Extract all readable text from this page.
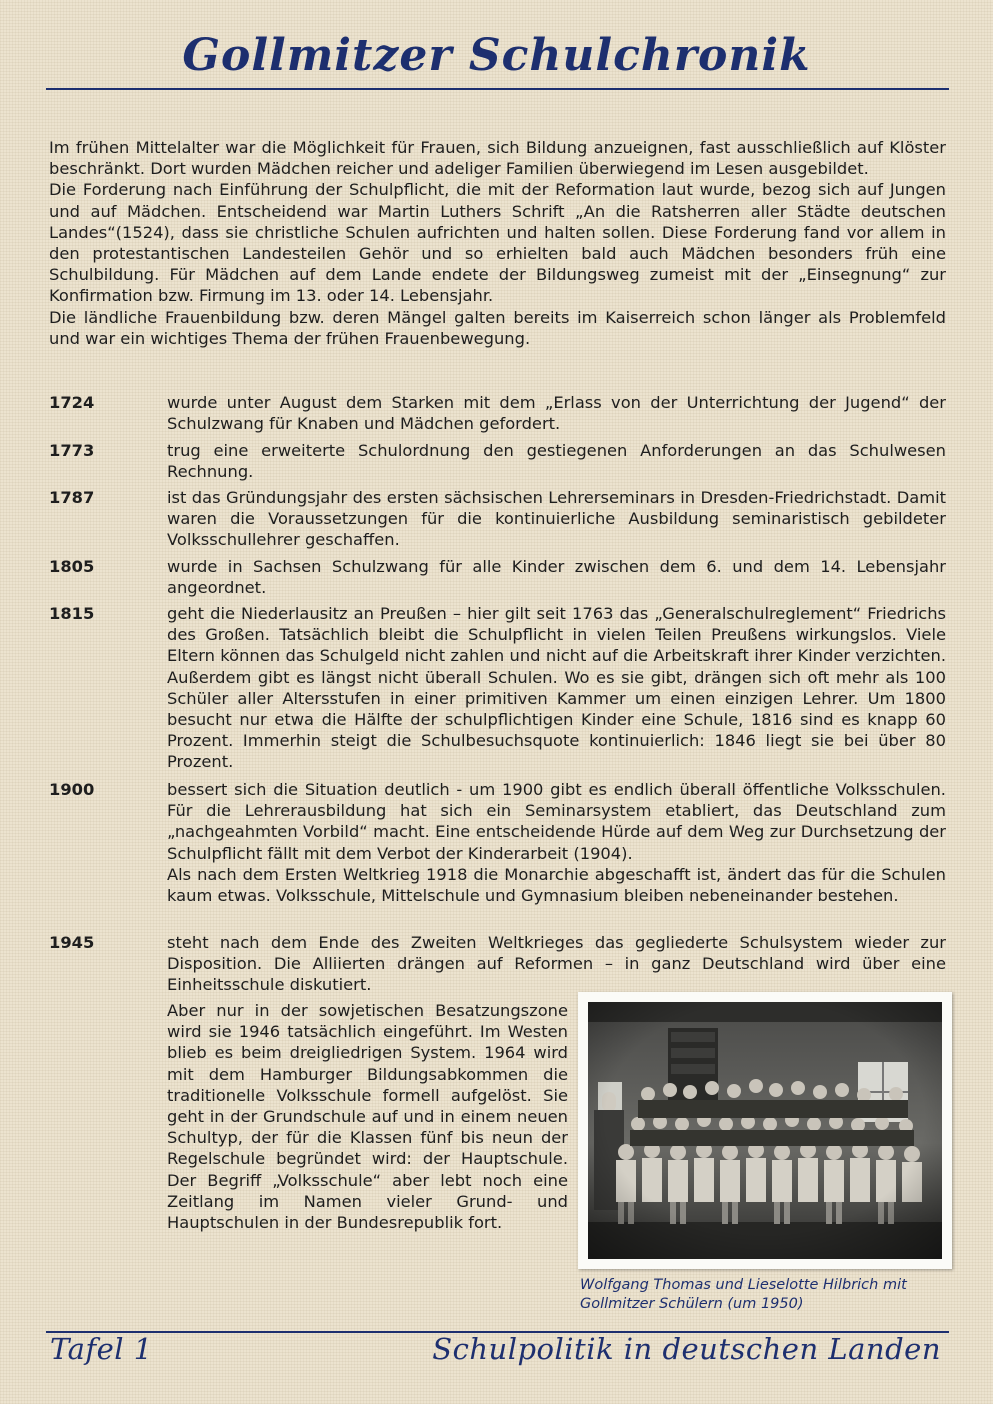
Gollmitzer Schulchronik

Im frühen Mittelalter war die Möglichkeit für Frauen, sich Bildung anzueignen, fast ausschließlich auf Klöster beschränkt. Dort wurden Mädchen reicher und adeliger Familien überwiegend im Lesen ausgebildet.

Die Forderung nach Einführung der Schulpflicht, die mit der Reformation laut wurde, bezog sich auf Jungen und auf Mädchen. Entscheidend war Martin Luthers Schrift „An die Ratsherren aller Städte deutschen Landes“(1524), dass sie christliche Schulen aufrichten und halten sollen. Diese Forderung fand vor allem in den protestantischen Landesteilen Gehör und so erhielten bald auch Mädchen besonders früh eine Schulbildung. Für Mädchen auf dem Lande endete der Bildungsweg zumeist mit der „Einsegnung“ zur Konfirmation bzw. Firmung im 13. oder 14. Lebensjahr.

Die ländliche Frauenbildung bzw. deren Mängel galten bereits im Kaiserreich schon länger als Problemfeld und war ein wichtiges Thema der frühen Frauenbewegung.

1724	wurde unter August dem Starken mit dem „Erlass von der Unterrichtung der Jugend“ der Schulzwang für Knaben und Mädchen gefordert.

1773	trug eine erweiterte Schulordnung den gestiegenen Anforderungen an das Schulwesen Rechnung.

1787	ist das Gründungsjahr des ersten sächsischen Lehrerseminars in Dresden-Friedrichstadt. Damit waren die Voraussetzungen für die kontinuierliche Ausbildung seminaristisch gebildeter Volksschullehrer geschaffen.

1805	wurde in Sachsen Schulzwang für alle Kinder zwischen dem 6. und dem 14. Lebensjahr angeordnet.

1815	geht die Niederlausitz an Preußen – hier gilt seit 1763 das „Generalschulreglement“ Friedrichs des Großen. Tatsächlich bleibt die Schulpflicht in vielen Teilen Preußens wirkungslos. Viele Eltern können das Schulgeld nicht zahlen und nicht auf die Arbeitskraft ihrer Kinder verzichten. Außerdem gibt es längst nicht überall Schulen. Wo es sie gibt, drängen sich oft mehr als 100 Schüler aller Altersstufen in einer primitiven Kammer um einen einzigen Lehrer. Um 1800 besucht nur etwa die Hälfte der schulpflichtigen Kinder eine Schule, 1816 sind es knapp 60 Prozent. Immerhin steigt die Schulbesuchsquote kontinuierlich: 1846 liegt sie bei über 80 Prozent.

1900	bessert sich die Situation deutlich - um 1900 gibt es endlich überall öffentliche Volksschulen. Für die Lehrerausbildung hat sich ein Seminarsystem etabliert, das Deutschland zum „nachgeahmten Vorbild“ macht. Eine entscheidende Hürde auf dem Weg zur Durchsetzung der Schulpflicht fällt mit dem Verbot der Kinderarbeit (1904).

Als nach dem Ersten Weltkrieg 1918 die Monarchie abgeschafft ist, ändert das für die Schulen kaum etwas. Volksschule, Mittelschule und Gymnasium bleiben nebeneinander bestehen.

1945	steht nach dem Ende des Zweiten Weltkrieges das gegliederte Schulsystem wieder zur Disposition. Die Alliierten drängen auf Reformen – in ganz Deutschland wird über eine Einheitsschule diskutiert.

Aber nur in der sowjetischen Besatzungszone wird sie 1946 tatsächlich eingeführt. Im Westen blieb es beim dreigliedrigen System. 1964 wird mit dem Hamburger Bildungsabkommen die traditionelle Volksschule formell aufgelöst. Sie geht in der Grundschule auf und in einem neuen Schultyp, der für die Klassen fünf bis neun der Regelschule begründet wird: der Hauptschule. Der Begriff „Volksschule“ aber lebt noch eine Zeitlang im Namen vieler Grund- und Hauptschulen in der Bundesrepublik fort.

Wolfgang Thomas und Lieselotte Hilbrich mit Gollmitzer Schülern (um 1950)
Tafel 1	Schulpolitik in deutschen Landen
